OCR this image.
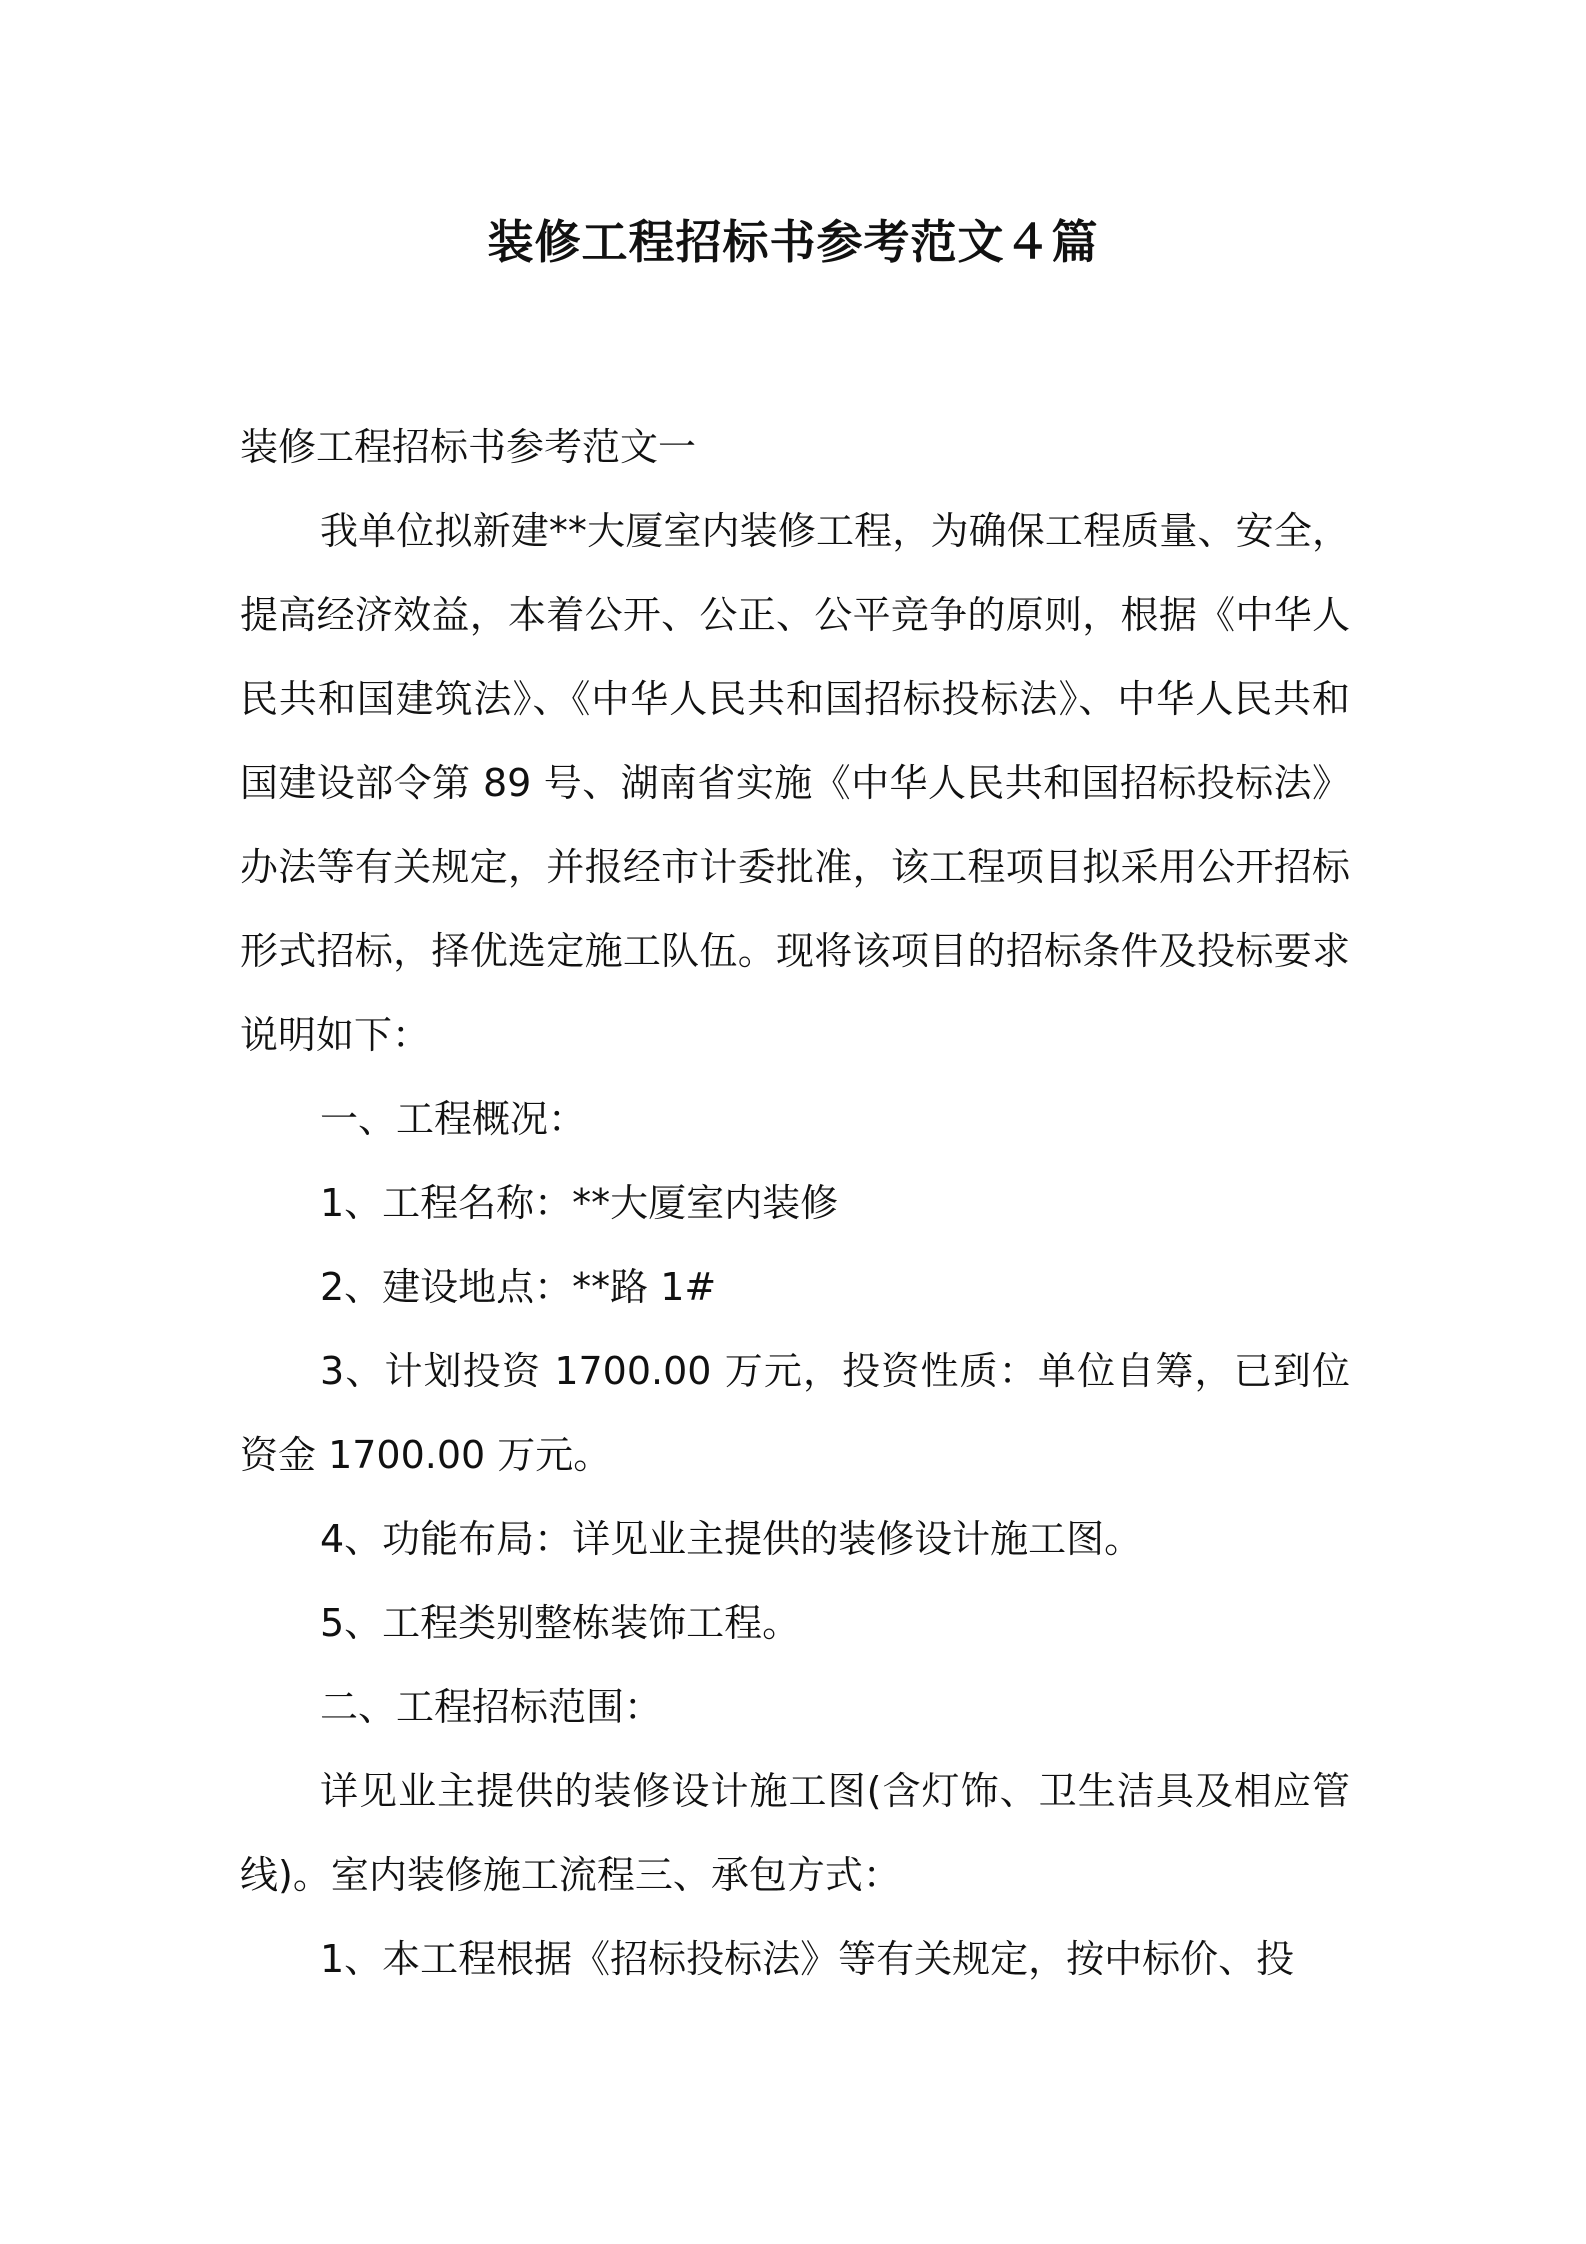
装修工程招标书参考范文４篇

装修工程招标书参考范文一

我单位拟新建**大厦室内装修工程，为确保工程质量、安全，提高经济效益，本着公开、公正、公平竞争的原则，根据《中华人民共和国建筑法》、《中华人民共和国招标投标法》、中华人民共和国建设部令第 89 号、湖南省实施《中华人民共和国招标投标法》办法等有关规定，并报经市计委批准，该工程项目拟采用公开招标形式招标，择优选定施工队伍。现将该项目的招标条件及投标要求说明如下：

一、工程概况：

1、工程名称：**大厦室内装修

2、建设地点：**路 1#

3、计划投资 1700.00 万元，投资性质：单位自筹，已到位资金 1700.00 万元。

4、功能布局：详见业主提供的装修设计施工图。

5、工程类别整栋装饰工程。

二、工程招标范围：

详见业主提供的装修设计施工图(含灯饰、卫生洁具及相应管线)。室内装修施工流程三、承包方式：

1、本工程根据《招标投标法》等有关规定，按中标价、投
